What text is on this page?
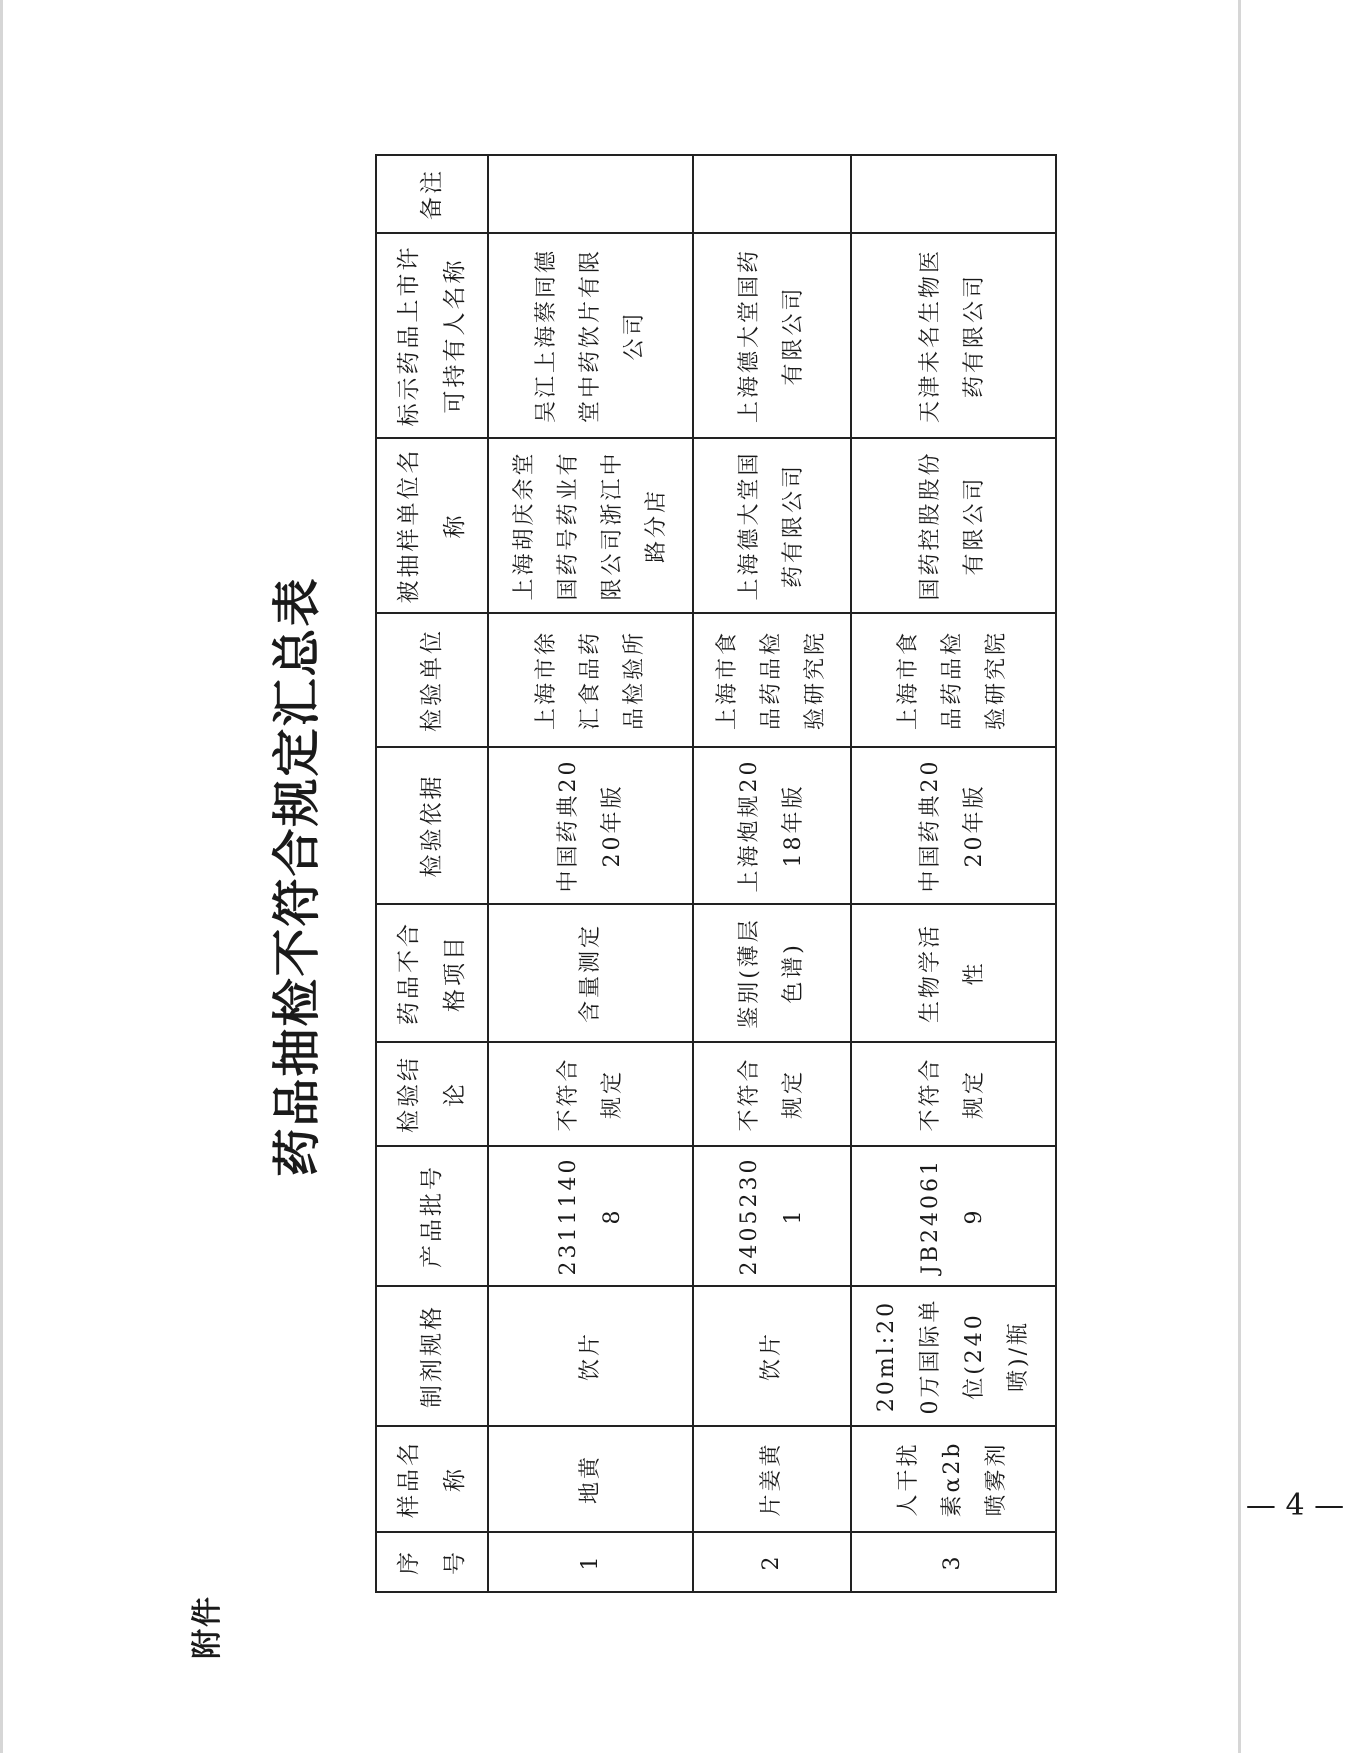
附件
药品抽检不符合规定汇总表
序号	样品名称	制剂规格	产品批号	检验结论	药品不合格项目	检验依据	检验单位	被抽样单位名称	标示药品上市许可持有人名称	备注
1	地黄	饮片	23111408	不符合规定	含量测定	中国药典2020年版	上海市徐汇食品药品检验所	上海胡庆余堂国药号药业有限公司浙江中路分店	吴江上海蔡同德堂中药饮片有限公司	
2	片姜黄	饮片	24052301	不符合规定	鉴别(薄层色谱)	上海炮规2018年版	上海市食品药品检验研究院	上海德大堂国药有限公司	上海德大堂国药有限公司	
3	人干扰素α2b喷雾剂	20ml:200万国际单位(240喷)/瓶	JB240619	不符合规定	生物学活性	中国药典2020年版	上海市食品药品检验研究院	国药控股股份有限公司	天津未名生物医药有限公司	
— 4 —
